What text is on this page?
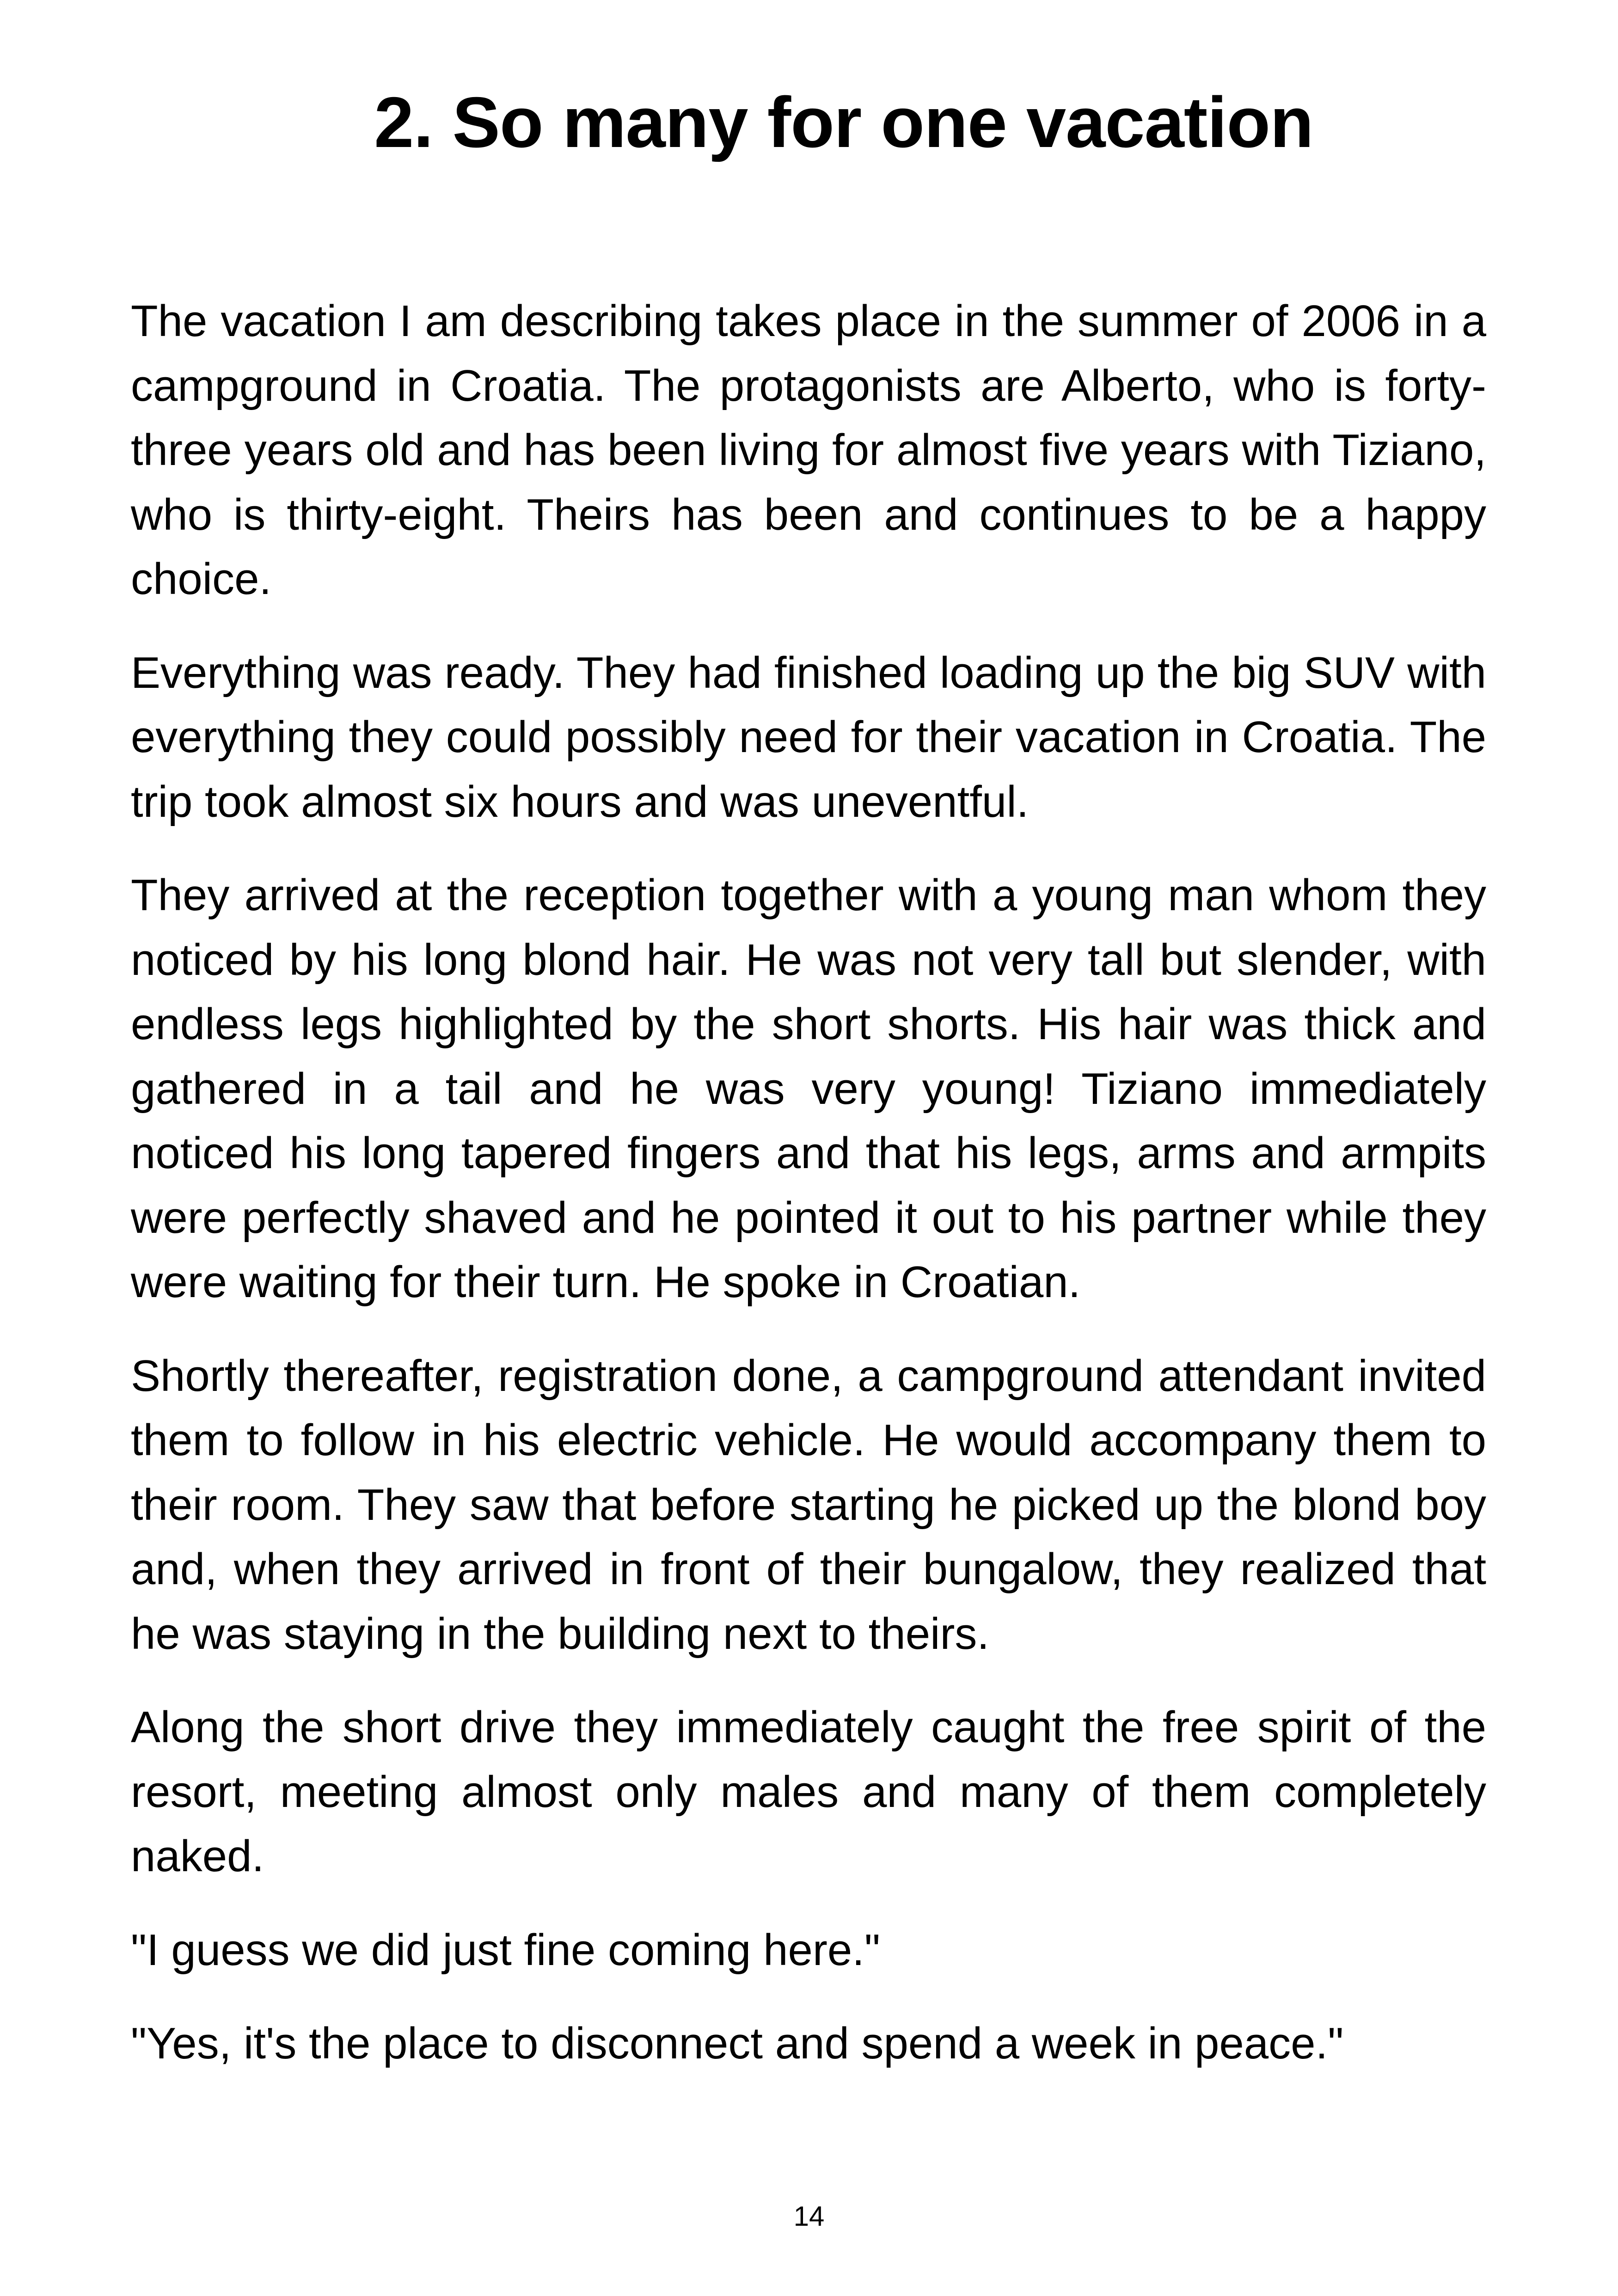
2. So many for one vacation

The vacation I am describing takes place in the summer of 2006 in a campground in Croatia. The protagonists are Alberto, who is forty-three years old and has been living for almost five years with Tiziano, who is thirty-eight. Theirs has been and continues to be a happy choice.

Everything was ready. They had finished loading up the big SUV with everything they could possibly need for their vacation in Croatia. The trip took almost six hours and was uneventful.

They arrived at the reception together with a young man whom they noticed by his long blond hair. He was not very tall but slender, with endless legs highlighted by the short shorts. His hair was thick and gathered in a tail and he was very young! Tiziano immediately noticed his long tapered fingers and that his legs, arms and armpits were perfectly shaved and he pointed it out to his partner while they were waiting for their turn. He spoke in Croatian.

Shortly thereafter, registration done, a campground attendant invited them to follow in his electric vehicle. He would accompany them to their room. They saw that before starting he picked up the blond boy and, when they arrived in front of their bungalow, they realized that he was staying in the building next to theirs.

Along the short drive they immediately caught the free spirit of the resort, meeting almost only males and many of them completely naked.

"I guess we did just fine coming here."

"Yes, it's the place to disconnect and spend a week in peace."

14
